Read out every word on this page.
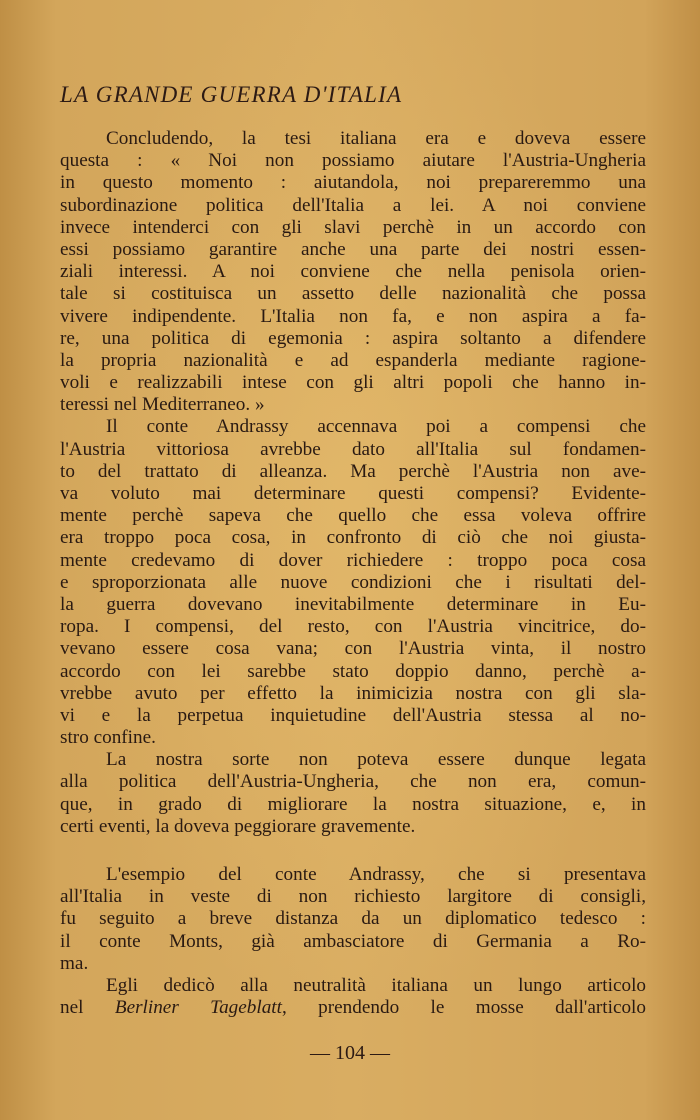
LA GRANDE GUERRA D'ITALIA
Concludendo, la tesi italiana era e doveva essere
questa : « Noi non possiamo aiutare l'Austria-Ungheria
in questo momento : aiutandola, noi prepareremmo una
subordinazione politica dell'Italia a lei. A noi conviene
invece intenderci con gli slavi perchè in un accordo con
essi possiamo garantire anche una parte dei nostri essen-
ziali interessi. A noi conviene che nella penisola orien-
tale si costituisca un assetto delle nazionalità che possa
vivere indipendente. L'Italia non fa, e non aspira a fa-
re, una politica di egemonia : aspira soltanto a difendere
la propria nazionalità e ad espanderla mediante ragione-
voli e realizzabili intese con gli altri popoli che hanno in-
teressi nel Mediterraneo. »
Il conte Andrassy accennava poi a compensi che
l'Austria vittoriosa avrebbe dato all'Italia sul fondamen-
to del trattato di alleanza. Ma perchè l'Austria non ave-
va voluto mai determinare questi compensi? Evidente-
mente perchè sapeva che quello che essa voleva offrire
era troppo poca cosa, in confronto di ciò che noi giusta-
mente credevamo di dover richiedere : troppo poca cosa
e sproporzionata alle nuove condizioni che i risultati del-
la guerra dovevano inevitabilmente determinare in Eu-
ropa. I compensi, del resto, con l'Austria vincitrice, do-
vevano essere cosa vana; con l'Austria vinta, il nostro
accordo con lei sarebbe stato doppio danno, perchè a-
vrebbe avuto per effetto la inimicizia nostra con gli sla-
vi e la perpetua inquietudine dell'Austria stessa al no-
stro confine.
La nostra sorte non poteva essere dunque legata
alla politica dell'Austria-Ungheria, che non era, comun-
que, in grado di migliorare la nostra situazione, e, in
certi eventi, la doveva peggiorare gravemente.
L'esempio del conte Andrassy, che si presentava
all'Italia in veste di non richiesto largitore di consigli,
fu seguito a breve distanza da un diplomatico tedesco :
il conte Monts, già ambasciatore di Germania a Ro-
ma.
Egli dedicò alla neutralità italiana un lungo articolo
nel Berliner Tageblatt, prendendo le mosse dall'articolo
— 104 —
